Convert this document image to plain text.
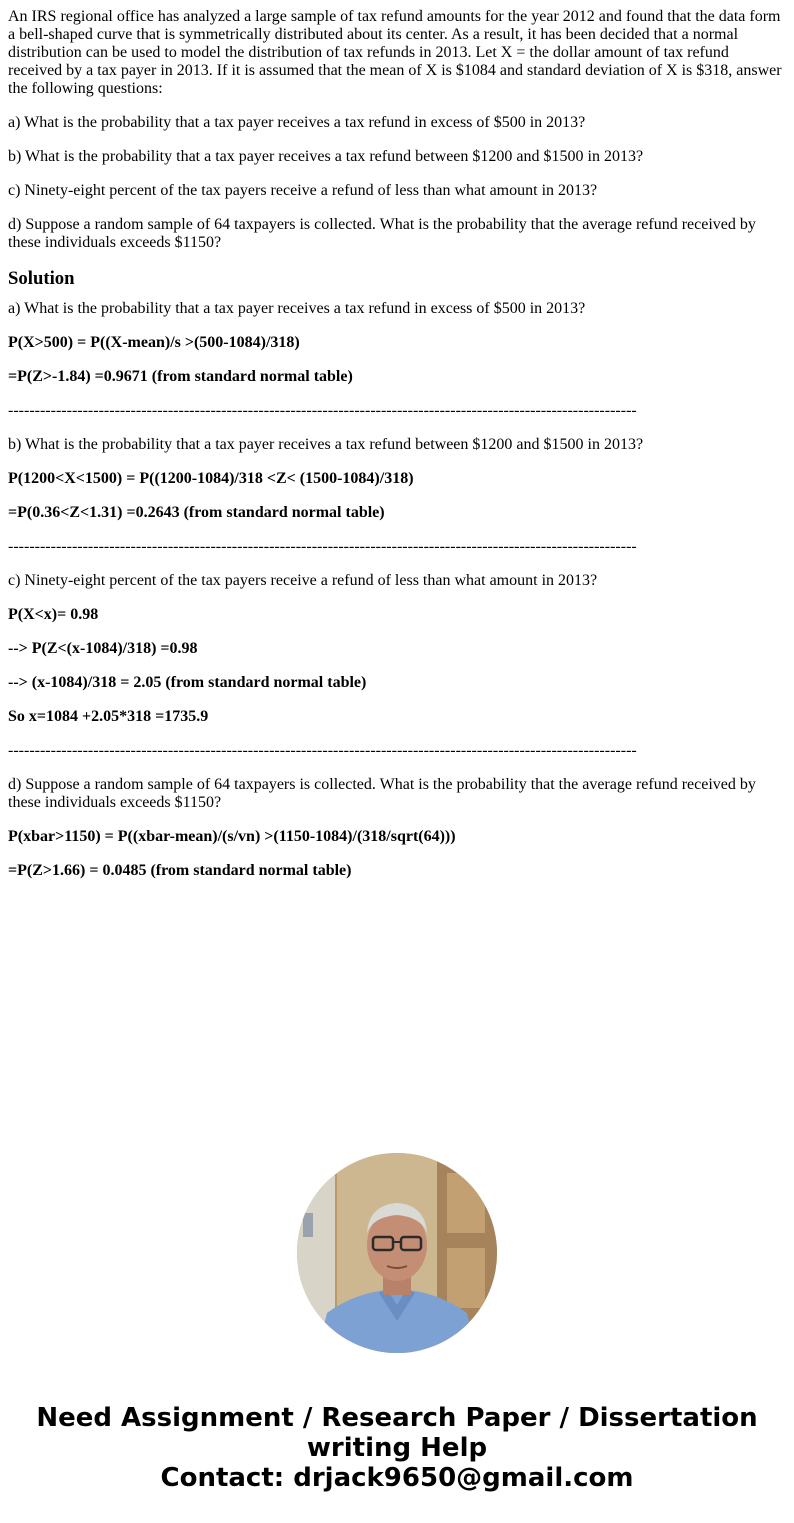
An IRS regional office has analyzed a large sample of tax refund amounts for the year 2012 and found that the data form a bell-shaped curve that is symmetrically distributed about its center. As a result, it has been decided that a normal distribution can be used to model the distribution of tax refunds in 2013. Let X = the dollar amount of tax refund received by a tax payer in 2013. If it is assumed that the mean of X is $1084 and standard deviation of X is $318, answer the following questions:

a) What is the probability that a tax payer receives a tax refund in excess of $500 in 2013?

b) What is the probability that a tax payer receives a tax refund between $1200 and $1500 in 2013?

c) Ninety-eight percent of the tax payers receive a refund of less than what amount in 2013?

d) Suppose a random sample of 64 taxpayers is collected. What is the probability that the average refund received by these individuals exceeds $1150?

Solution

a) What is the probability that a tax payer receives a tax refund in excess of $500 in 2013?

P(X>500) = P((X-mean)/s >(500-1084)/318)

=P(Z>-1.84) =0.9671 (from standard normal table)

----------------------------------------------------------------------------------------------------------------------

b) What is the probability that a tax payer receives a tax refund between $1200 and $1500 in 2013?

P(1200<X<1500) = P((1200-1084)/318 <Z< (1500-1084)/318)

=P(0.36<Z<1.31) =0.2643 (from standard normal table)

----------------------------------------------------------------------------------------------------------------------

c) Ninety-eight percent of the tax payers receive a refund of less than what amount in 2013?

P(X<x)= 0.98

--> P(Z<(x-1084)/318) =0.98

--> (x-1084)/318 = 2.05 (from standard normal table)

So x=1084 +2.05*318 =1735.9

----------------------------------------------------------------------------------------------------------------------

d) Suppose a random sample of 64 taxpayers is collected. What is the probability that the average refund received by these individuals exceeds $1150?

P(xbar>1150) = P((xbar-mean)/(s/vn) >(1150-1084)/(318/sqrt(64)))

=P(Z>1.66) = 0.0485 (from standard normal table)

Need Assignment / Research Paper / Dissertation
writing Help
Contact: drjack9650@gmail.com
